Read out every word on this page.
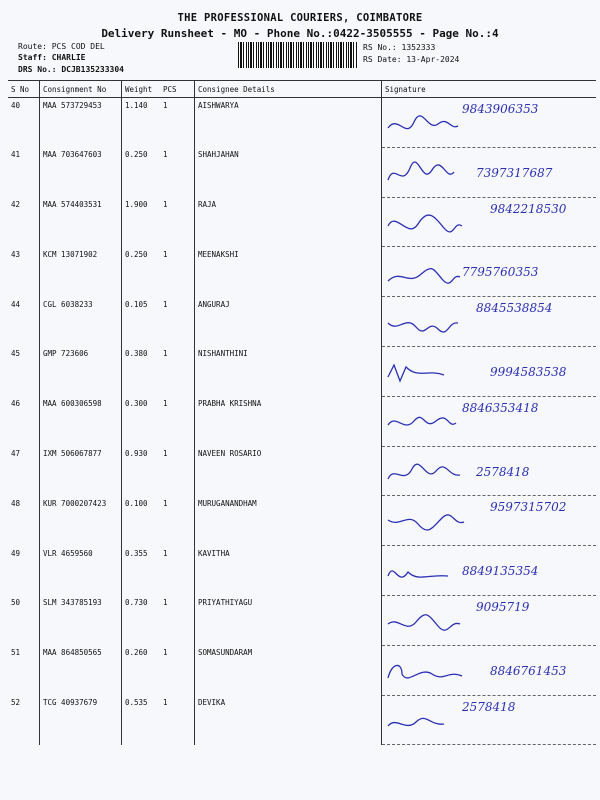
THE PROFESSIONAL COURIERS, COIMBATORE
Delivery Runsheet - MO - Phone No.:0422-3505555 - Page No.:4
Route: PCS COD DEL
Staff: CHARLIE
DRS No.: DCJB135233304
RS No.: 1352333
RS Date: 13-Apr-2024
S No	Consignment No	Weight	PCS	Consignee Details	Signature
40	MAA 573729453	1.140	1	AISHWARYA	9843906353

41	MAA 703647603	0.250	1	SHAHJAHAN	7397317687

42	MAA 574403531	1.900	1	RAJA	9842218530

43	KCM 13071902	0.250	1	MEENAKSHI	7795760353

44	CGL 6038233	0.105	1	ANGURAJ	8845538854

45	GMP 723606	0.380	1	NISHANTHINI	9994583538

46	MAA 600306598	0.300	1	PRABHA KRISHNA	8846353418

47	IXM 506067877	0.930	1	NAVEEN ROSARIO	2578418

48	KUR 7000207423	0.100	1	MURUGANANDHAM	9597315702

49	VLR 4659560	0.355	1	KAVITHA	8849135354

50	SLM 343785193	0.730	1	PRIYATHIYAGU	9095719

51	MAA 864850565	0.260	1	SOMASUNDARAM	8846761453

52	TCG 40937679	0.535	1	DEVIKA	2578418
